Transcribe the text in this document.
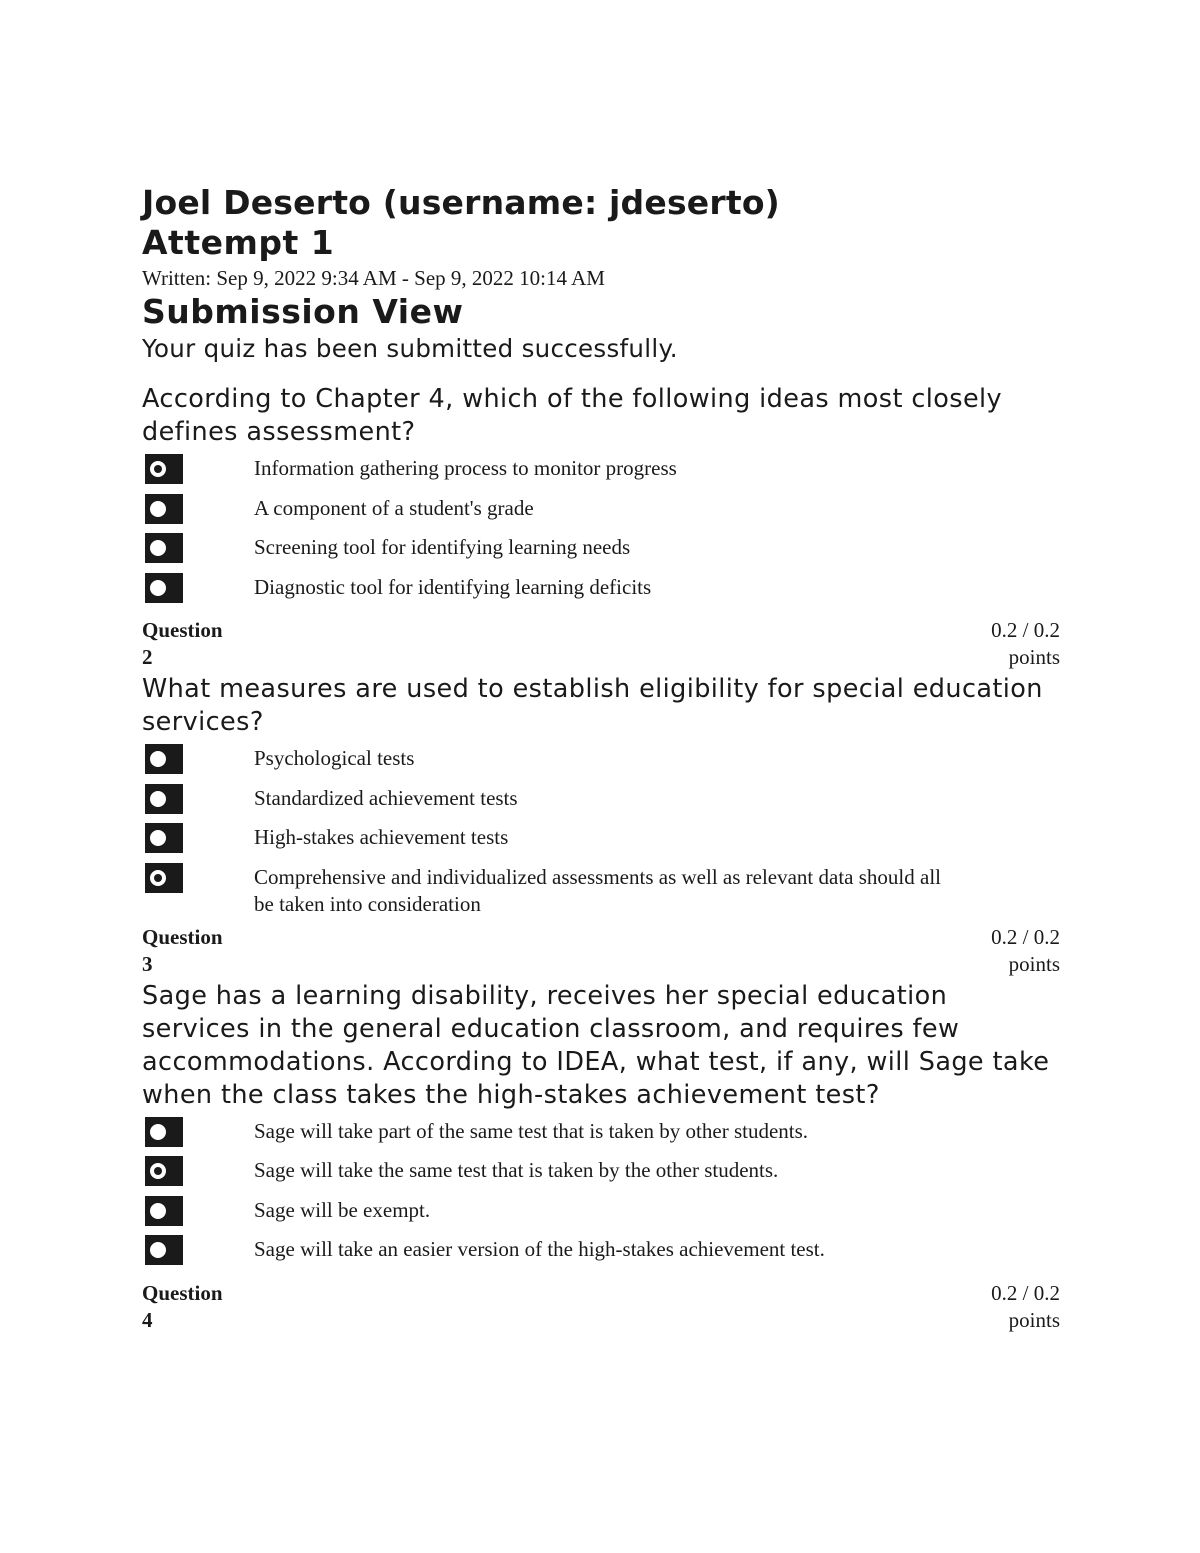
Joel Deserto (username: jdeserto)
Attempt 1
Written: Sep 9, 2022 9:34 AM - Sep 9, 2022 10:14 AM
Submission View
Your quiz has been submitted successfully.
According to Chapter 4, which of the following ideas most closely defines assessment?
Information gathering process to monitor progress
A component of a student's grade
Screening tool for identifying learning needs
Diagnostic tool for identifying learning deficits
Question
2
0.2 / 0.2
points
What measures are used to establish eligibility for special education services?
Psychological tests
Standardized achievement tests
High-stakes achievement tests
Comprehensive and individualized assessments as well as relevant data should all be taken into consideration
Question
3
0.2 / 0.2
points
Sage has a learning disability, receives her special education services in the general education classroom, and requires few accommodations. According to IDEA, what test, if any, will Sage take when the class takes the high-stakes achievement test?
Sage will take part of the same test that is taken by other students.
Sage will take the same test that is taken by the other students.
Sage will be exempt.
Sage will take an easier version of the high-stakes achievement test.
Question
4
0.2 / 0.2
points
